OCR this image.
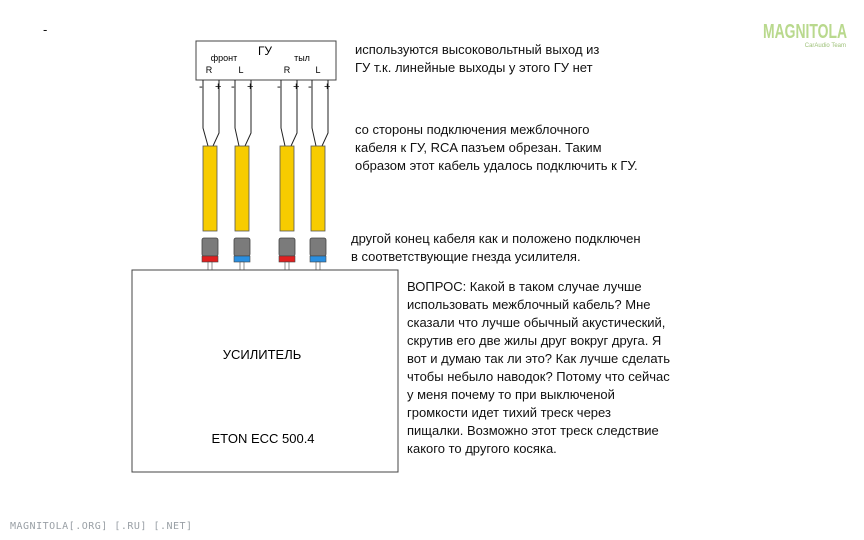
ГУ
фронт	тыл
R	L	R	L
- + - + - + - +
УСИЛИТЕЛЬ
ETON ECC 500.4
-	MAGNITOLA
CarAudio Team

используются высоковольтный выход из

ГУ т.к. линейные выходы у этого ГУ нет

со стороны подключения межблочного

кабеля к ГУ, RCA пазъем обрезан. Таким

образом этот кабель удалось подключить к ГУ.

другой конец кабеля как и положено подключен

в соответствующие гнезда усилителя.

ВОПРОС: Какой в таком случае лучше

использовать межблочный кабель? Мне

сказали что лучше обычный акустический,

скрутив его две жилы друг вокруг друга. Я

вот и думаю так ли это? Как лучше сделать

чтобы небыло наводок? Потому что сейчас

у меня почему то при выключеной

громкости идет тихий треск через

пищалки. Возможно этот треск следствие

какого то другого косяка.

MAGNITOLA[.ORG] [.RU] [.NET]
